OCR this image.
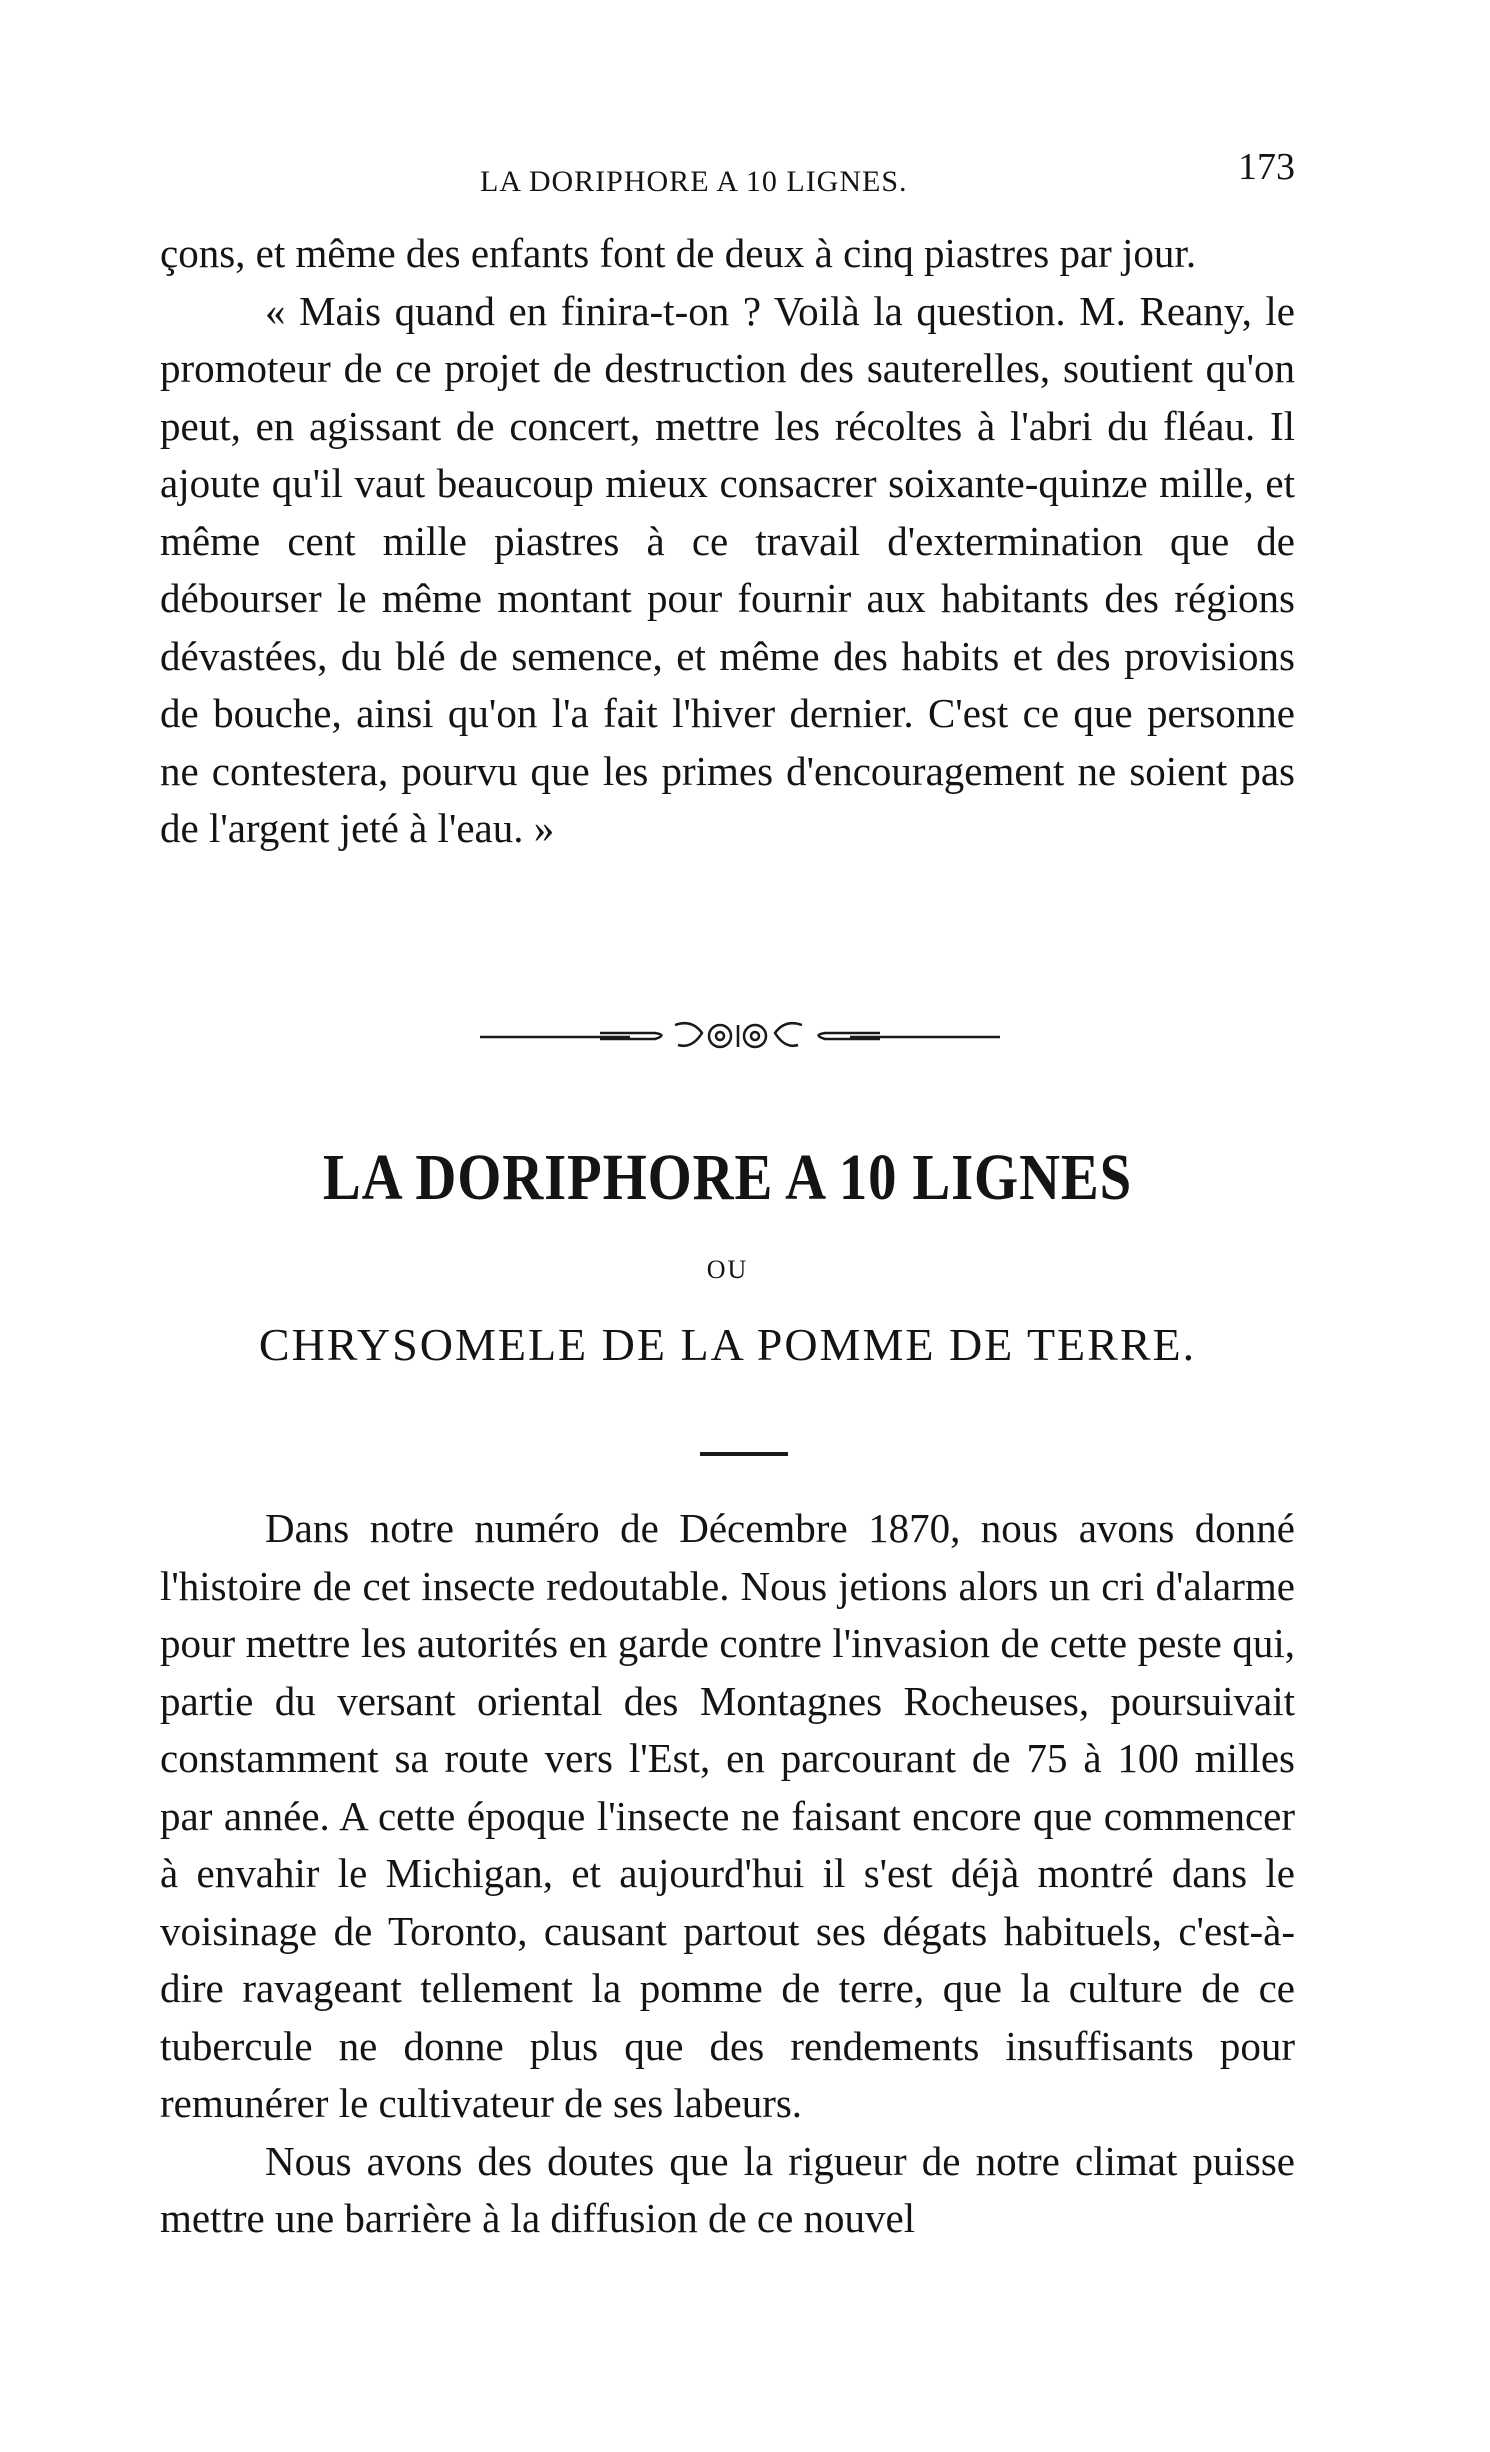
LA DORIPHORE A 10 LIGNES.	173

çons, et même des enfants font de deux à cinq piastres par jour.

« Mais quand en finira-t-on ? Voilà la question. M. Reany, le promoteur de ce projet de destruction des sauterelles, soutient qu'on peut, en agissant de concert, mettre les récoltes à l'abri du fléau. Il ajoute qu'il vaut beaucoup mieux consacrer soixante-quinze mille, et même cent mille piastres à ce travail d'extermination que de débourser le même montant pour fournir aux habitants des régions dévastées, du blé de semence, et même des habits et des provisions de bouche, ainsi qu'on l'a fait l'hiver dernier. C'est ce que personne ne contestera, pourvu que les primes d'encouragement ne soient pas de l'argent jeté à l'eau. »

LA DORIPHORE A 10 LIGNES
OU
CHRYSOMELE DE LA POMME DE TERRE.

Dans notre numéro de Décembre 1870, nous avons donné l'histoire de cet insecte redoutable. Nous jetions alors un cri d'alarme pour mettre les autorités en garde contre l'invasion de cette peste qui, partie du versant oriental des Montagnes Rocheuses, poursuivait constamment sa route vers l'Est, en parcourant de 75 à 100 milles par année. A cette époque l'insecte ne faisant encore que commencer à envahir le Michigan, et aujourd'hui il s'est déjà montré dans le voisinage de Toronto, causant partout ses dégats habituels, c'est-à-dire ravageant tellement la pomme de terre, que la culture de ce tubercule ne donne plus que des rendements insuffisants pour remunérer le cultivateur de ses labeurs.

Nous avons des doutes que la rigueur de notre climat puisse mettre une barrière à la diffusion de ce nouvel
